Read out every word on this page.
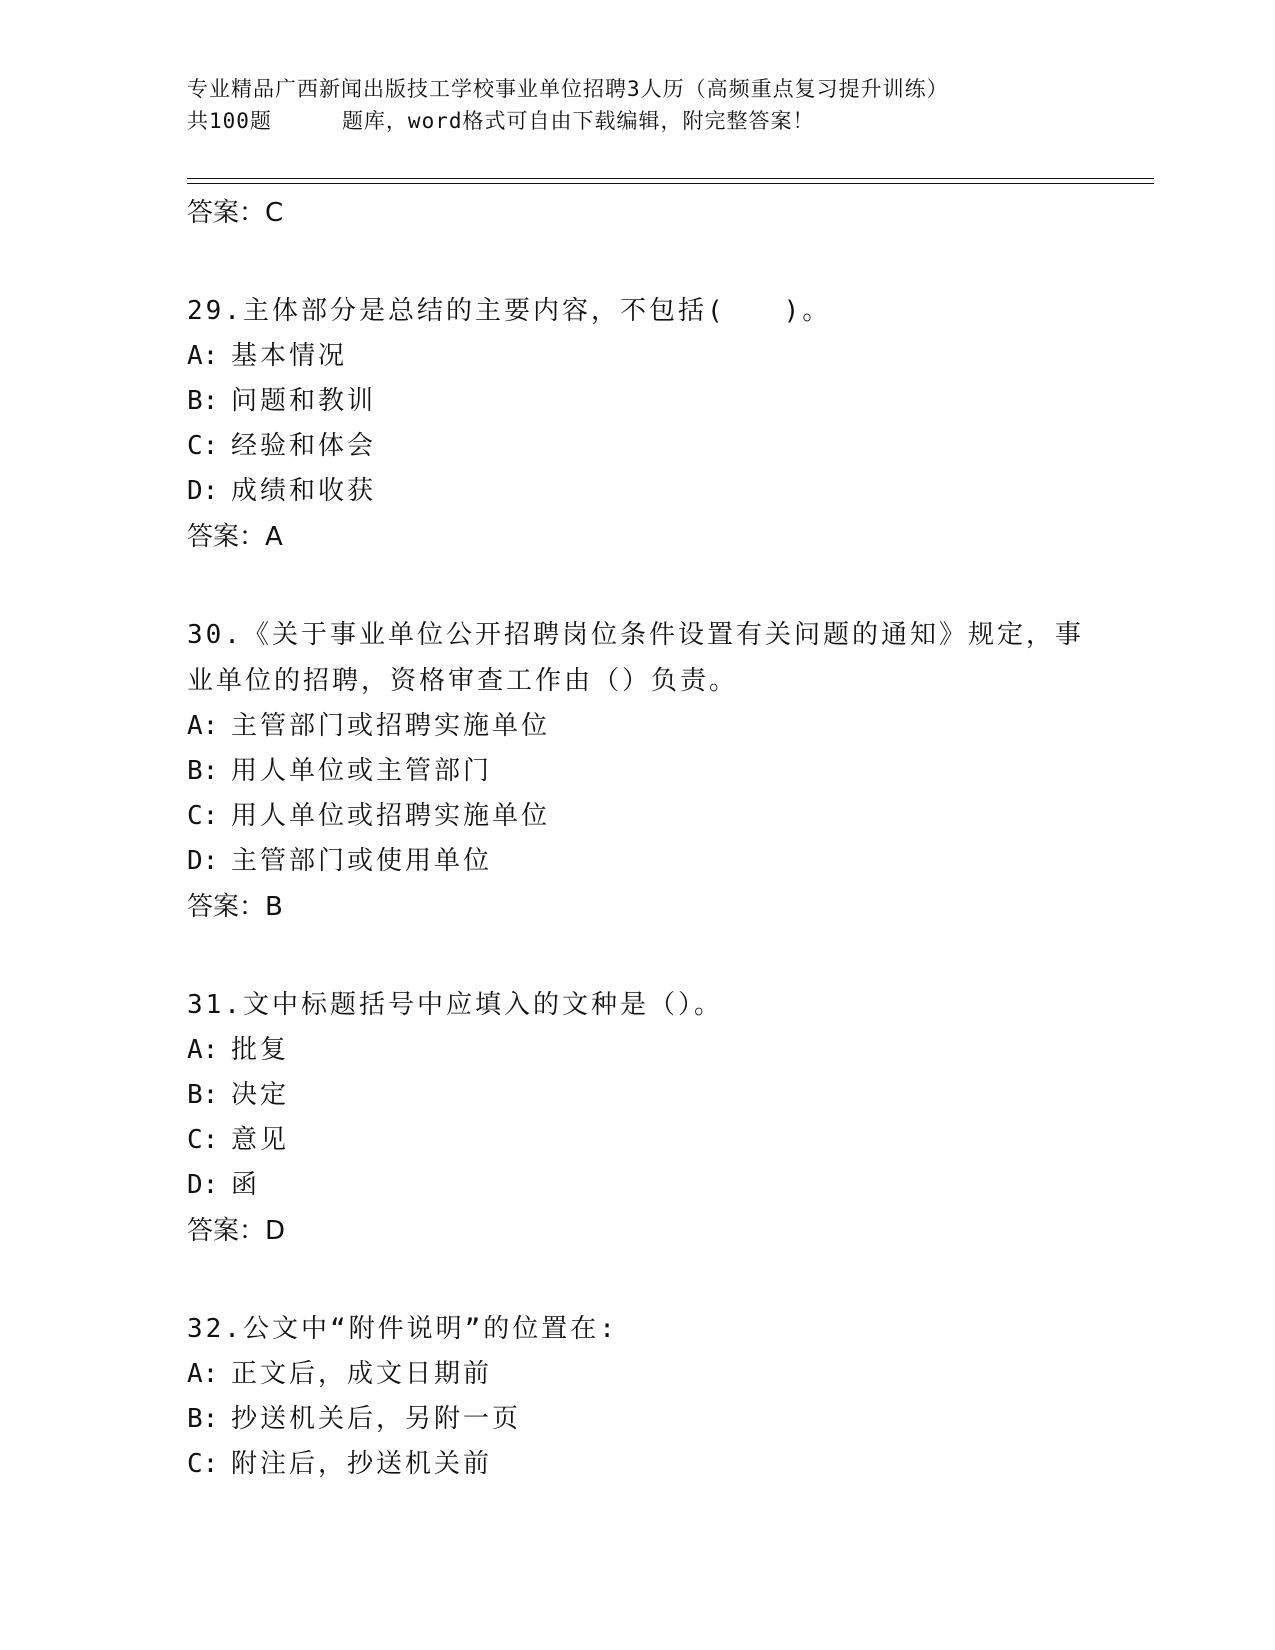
专业精品广西新闻出版技工学校事业单位招聘3人历（高频重点复习提升训练）
共100题	题库，word格式可自由下载编辑，附完整答案！
答案：C
29.主体部分是总结的主要内容，不包括(　　)。
A: 基本情况
B: 问题和教训
C: 经验和体会
D: 成绩和收获
答案：A
30.《关于事业单位公开招聘岗位条件设置有关问题的通知》规定，事
业单位的招聘，资格审查工作由（）负责。
A: 主管部门或招聘实施单位
B: 用人单位或主管部门
C: 用人单位或招聘实施单位
D: 主管部门或使用单位
答案：B
31.文中标题括号中应填入的文种是（）。
A: 批复
B: 决定
C: 意见
D: 函
答案：D
32.公文中“附件说明”的位置在:
A: 正文后，成文日期前
B: 抄送机关后，另附一页
C: 附注后，抄送机关前
